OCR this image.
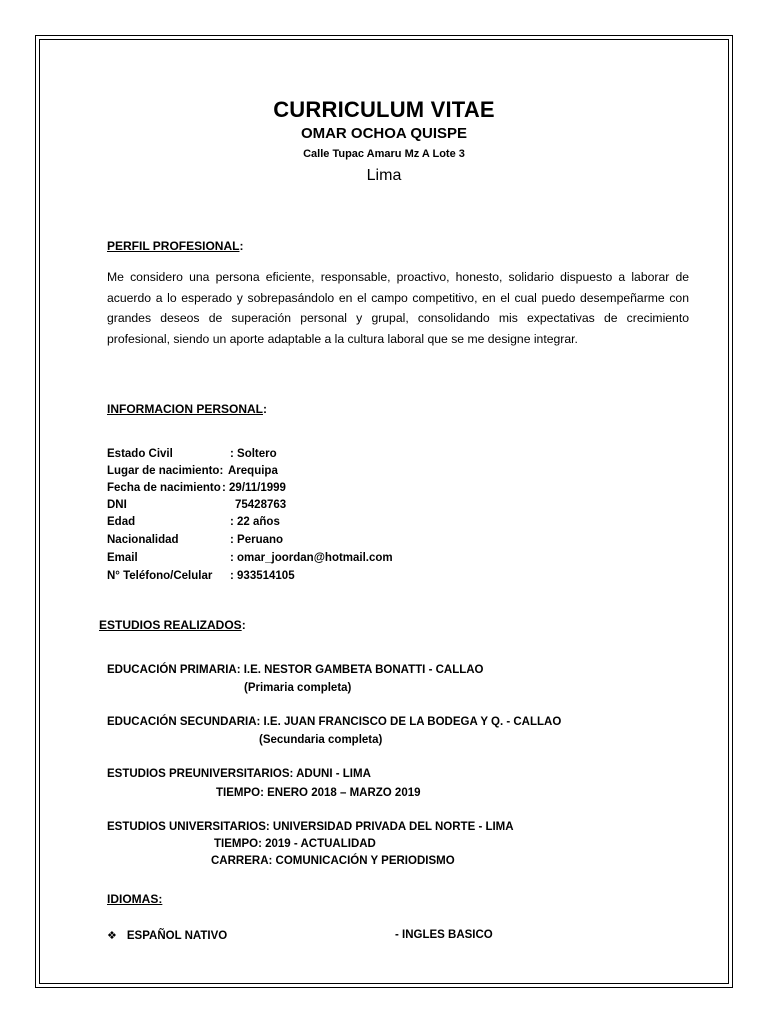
CURRICULUM VITAE
OMAR OCHOA QUISPE
Calle Tupac Amaru Mz A Lote 3
Lima
PERFIL PROFESIONAL:
Me considero una persona eficiente, responsable, proactivo, honesto, solidario dispuesto a laborar de acuerdo a lo esperado y sobrepasándolo en el campo competitivo, en el cual puedo desempeñarme con grandes deseos de superación personal y grupal, consolidando mis expectativas de crecimiento profesional, siendo un aporte adaptable a la cultura laboral que se me designe integrar.
INFORMACION PERSONAL:
Estado Civil	: Soltero
Lugar de nacimiento: Arequipa
Fecha de nacimiento : 29/11/1999
DNI	75428763
Edad	: 22 años
Nacionalidad	: Peruano
Email	: omar_joordan@hotmail.com
N° Teléfono/Celular : 933514105
ESTUDIOS REALIZADOS:
EDUCACIÓN PRIMARIA: I.E. NESTOR GAMBETA BONATTI - CALLAO
(Primaria completa)
EDUCACIÓN SECUNDARIA: I.E. JUAN FRANCISCO DE LA BODEGA Y Q. - CALLAO
(Secundaria completa)
ESTUDIOS PREUNIVERSITARIOS: ADUNI - LIMA
TIEMPO: ENERO 2018 – MARZO 2019
ESTUDIOS UNIVERSITARIOS: UNIVERSIDAD PRIVADA DEL NORTE - LIMA
TIEMPO: 2019 - ACTUALIDAD
CARRERA: COMUNICACIÓN Y PERIODISMO
IDIOMAS:
❖ ESPAÑOL NATIVO	- INGLES BASICO
